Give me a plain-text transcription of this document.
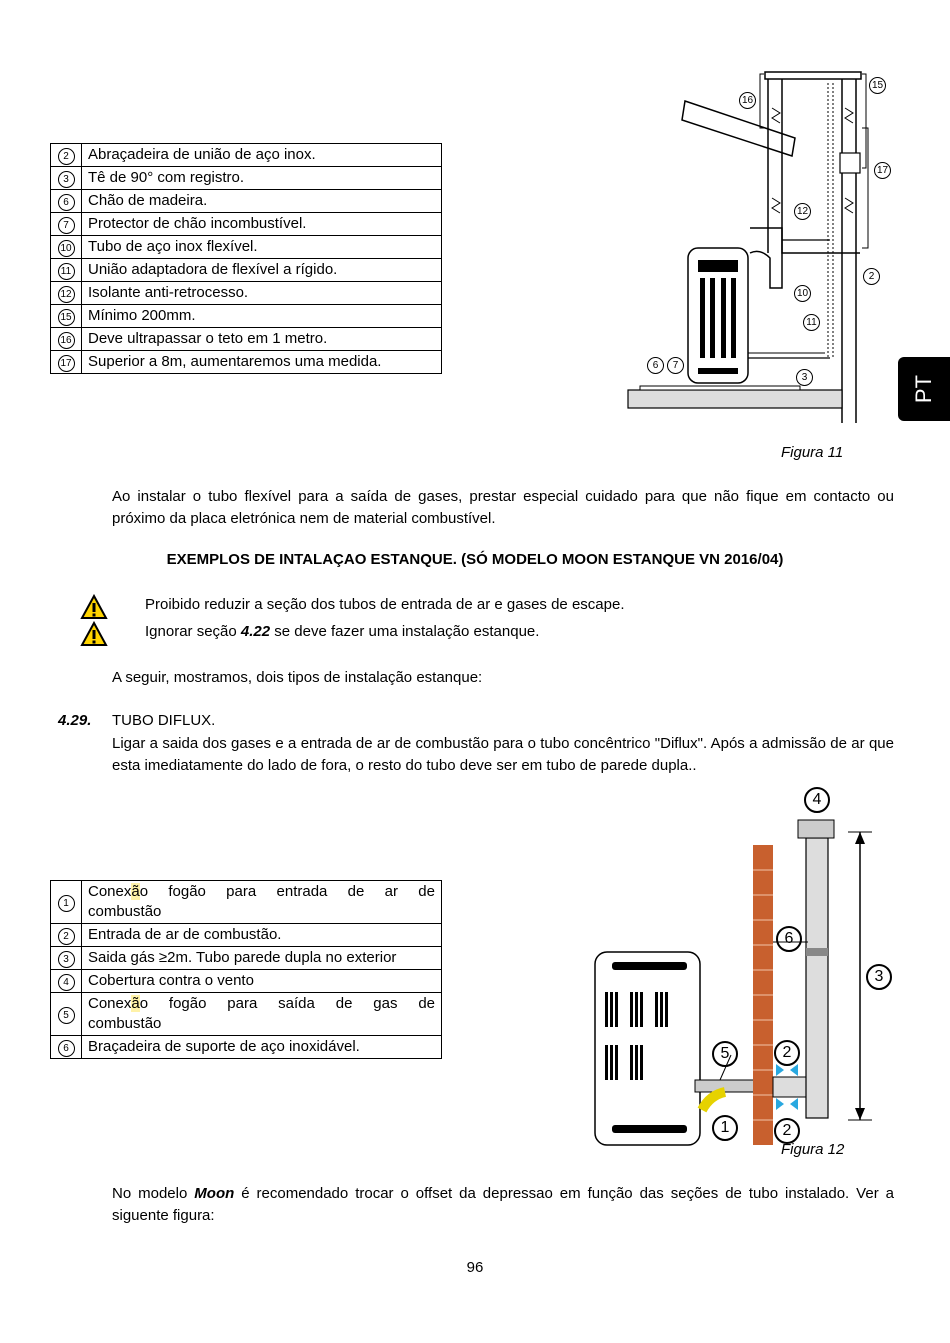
PT
2	Abraçadeira de união de aço inox.
3	Tê de 90° com registro.
6	Chão de madeira.
7	Protector de chão incombustível.
10	Tubo de aço inox flexível.
11	União adaptadora de flexível a rígido.
12	Isolante anti-retrocesso.
15	Mínimo 200mm.
16	Deve ultrapassar o teto em 1 metro.
17	Superior a 8m, aumentaremos uma medida.
16
15
17
12
10
11
2
3
6	7
Figura 11
Ao instalar o tubo flexível para a saída de gases, prestar especial cuidado para que não fique em contacto ou próximo da placa eletrónica nem de material combustível.
EXEMPLOS DE INTALAÇAO ESTANQUE. (SÓ MODELO MOON ESTANQUE VN 2016/04)
Proibido reduzir a seção dos tubos de entrada de ar e gases de escape.
Ignorar seção 4.22 se deve fazer uma instalação estanque.
A seguir, mostramos, dois tipos de instalação estanque:
4.29. TUBO DIFLUX.
Ligar a saida dos gases e a entrada de ar de combustão para o tubo concêntrico "Diflux". Após a admissão de ar que esta imediatamente do lado de fora, o resto do tubo deve ser em tubo de parede dupla..
1	Conexão fogão para entrada de ar de
combustão

2	Entrada de ar de combustão.
3	Saida gás ≥2m. Tubo parede dupla no exterior
4	Cobertura contra o vento
5	Conexão fogão para saída de gas de
combustão

6	Braçadeira de suporte de aço inoxidável.
4
6
3
5	2
1	2
Figura 12
No modelo Moon é recomendado trocar o offset da depressao em função das seções de tubo instalado. Ver a siguente figura:
96
